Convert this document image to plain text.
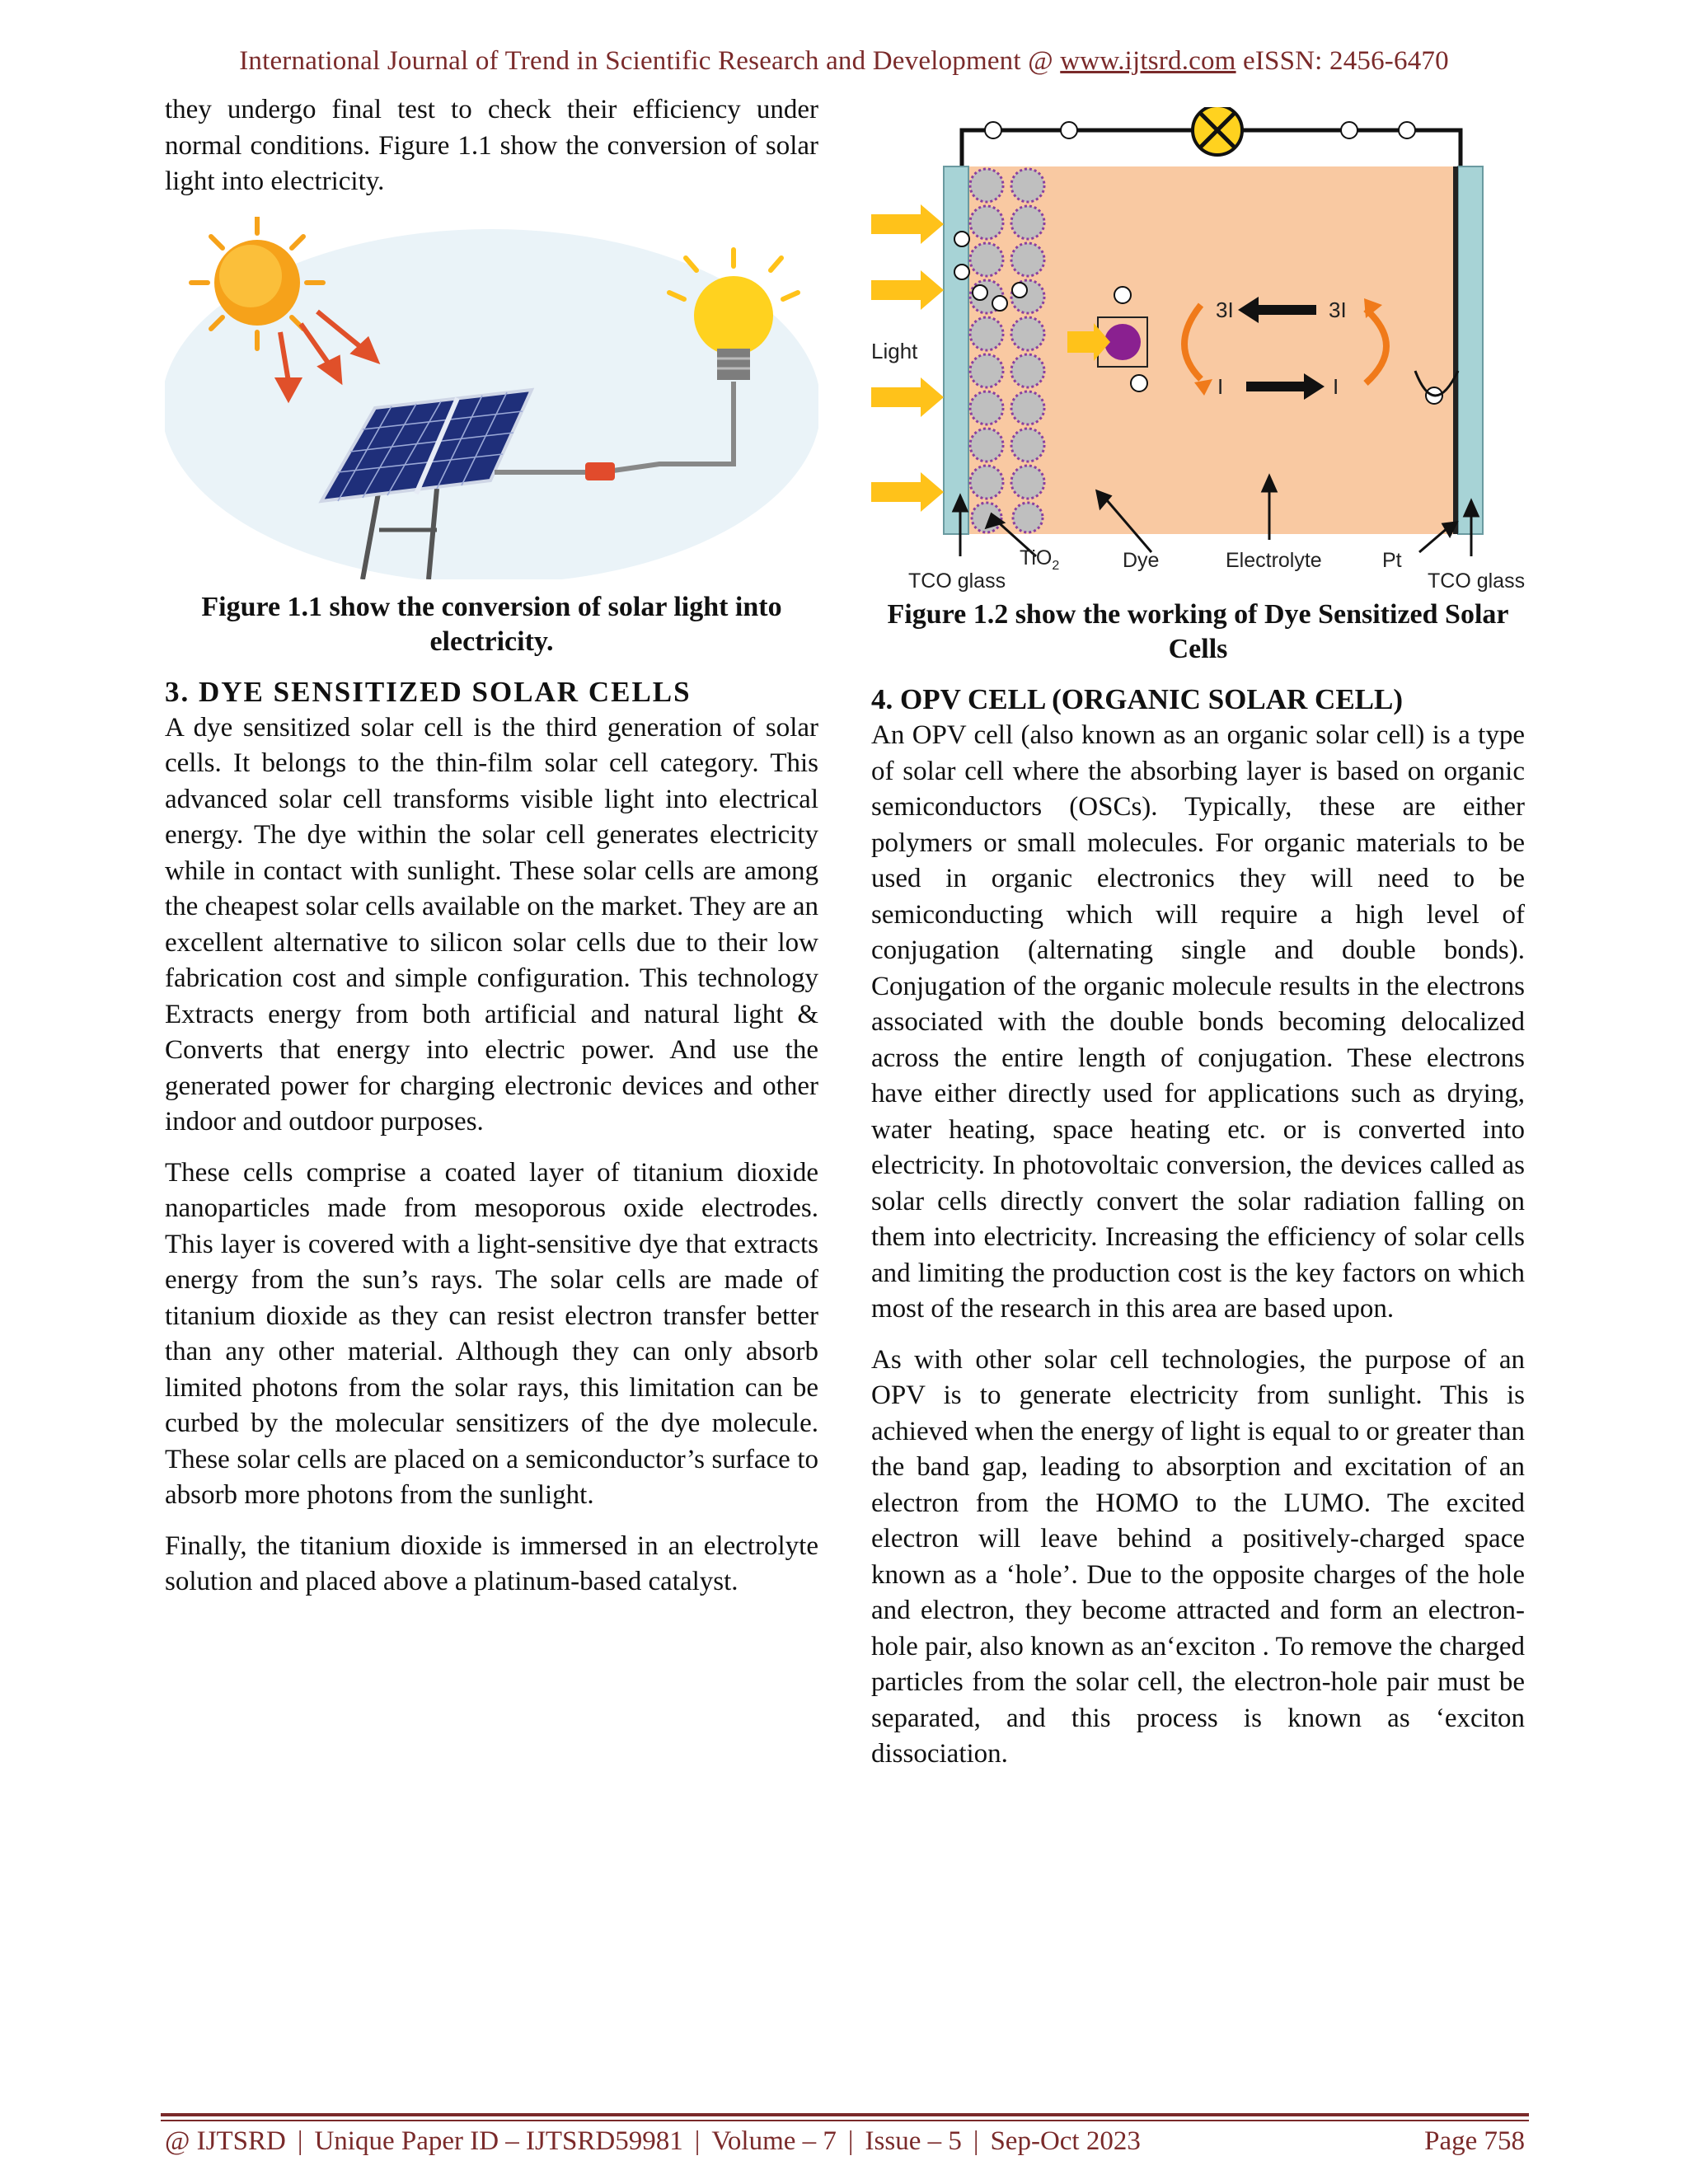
International Journal of Trend in Scientific Research and Development @ www.ijtsrd.com eISSN: 2456-6470

they undergo final test to check their efficiency under normal conditions. Figure 1.1 show the conversion of solar light into electricity.

Figure 1.1 show the conversion of solar light into electricity.

3. DYE SENSITIZED SOLAR CELLS

A dye sensitized solar cell is the third generation of solar cells. It belongs to the thin-film solar cell category. This advanced solar cell transforms visible light into electrical energy. The dye within the solar cell generates electricity while in contact with sunlight. These solar cells are among the cheapest solar cells available on the market. They are an excellent alternative to silicon solar cells due to their low fabrication cost and simple configuration. This technology Extracts energy from both artificial and natural light & Converts that energy into electric power. And use the generated power for charging electronic devices and other indoor and outdoor purposes.

These cells comprise a coated layer of titanium dioxide nanoparticles made from mesoporous oxide electrodes. This layer is covered with a light-sensitive dye that extracts energy from the sun’s rays. The solar cells are made of titanium dioxide as they can resist electron transfer better than any other material. Although they can only absorb limited photons from the solar rays, this limitation can be curbed by the molecular sensitizers of the dye molecule. These solar cells are placed on a semiconductor’s surface to absorb more photons from the sunlight.

Finally, the titanium dioxide is immersed in an electrolyte solution and placed above a platinum-based catalyst.

Light
3I	3I
I	I
TCO glass
TiO$_2$	Dye	Electrolyte	Pt
TCO glass

Figure 1.2 show the working of Dye Sensitized Solar Cells

4. OPV CELL (ORGANIC SOLAR CELL)

An OPV cell (also known as an organic solar cell) is a type of solar cell where the absorbing layer is based on organic semiconductors (OSCs). Typically, these are either polymers or small molecules. For organic materials to be used in organic electronics they will need to be semiconducting which will require a high level of conjugation (alternating single and double bonds). Conjugation of the organic molecule results in the electrons associated with the double bonds becoming delocalized across the entire length of conjugation. These electrons have either directly used for applications such as drying, water heating, space heating etc. or is converted into electricity. In photovoltaic conversion, the devices called as solar cells directly convert the solar radiation falling on them into electricity. Increasing the efficiency of solar cells and limiting the production cost is the key factors on which most of the research in this area are based upon.

As with other solar cell technologies, the purpose of an OPV is to generate electricity from sunlight. This is achieved when the energy of light is equal to or greater than the band gap, leading to absorption and excitation of an electron from the HOMO to the LUMO. The excited electron will leave behind a positively-charged space known as a ‘hole’. Due to the opposite charges of the hole and electron, they become attracted and form an electron-hole pair, also known as an‘exciton . To remove the charged particles from the solar cell, the electron-hole pair must be separated, and this process is known as ‘exciton dissociation.

@ IJTSRD | Unique Paper ID – IJTSRD59981 | Volume – 7 | Issue – 5 | Sep-Oct 2023	Page 758
